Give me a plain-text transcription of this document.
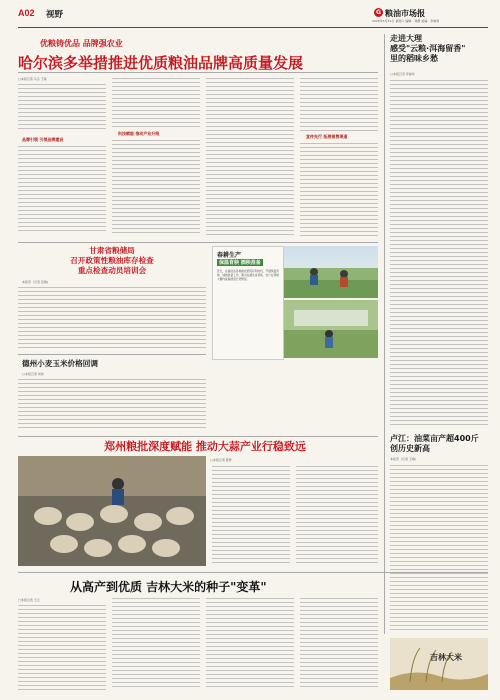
A02 视野	G 粮油市场报
2025年5月31日 星期六 编辑：刘珊 美编：李晓雪
优粮铸优品 品牌强农业
哈尔滨多举措推进优质粮油品牌高质量发展
□本报记者 马冬 于森
品牌引领 引领品牌建设
科技赋能 推动产业升级
宣传先行 拓展销售渠道
走进大理
感受"云粮·洱海留香"
里的稻味乡愁
□本报记者 李丽华
卢江：油菜亩产超400斤
创历史新高
本报讯（记者 王峰)
甘肃省粮储局
召开政策性粮油库存检查
重点检查动员培训会
本报讯（记者 张敏)
德州小麦玉米价格回调
□本报记者 刘伟
春耕生产
保温育秧 插秧准备
近日，在湖北省各地稻农抢抓有利时机，开展保温育秧，插秧准备工作。图为在湖北省某地，农户在育秧大棚内查看秧苗长势情况。
郑州粮批深度赋能 推动大蒜产业行稳致远
□本报记者 陈梦
从高产到优质 吉林大米的种子"变革"
□本报记者 王云
吉林大米
